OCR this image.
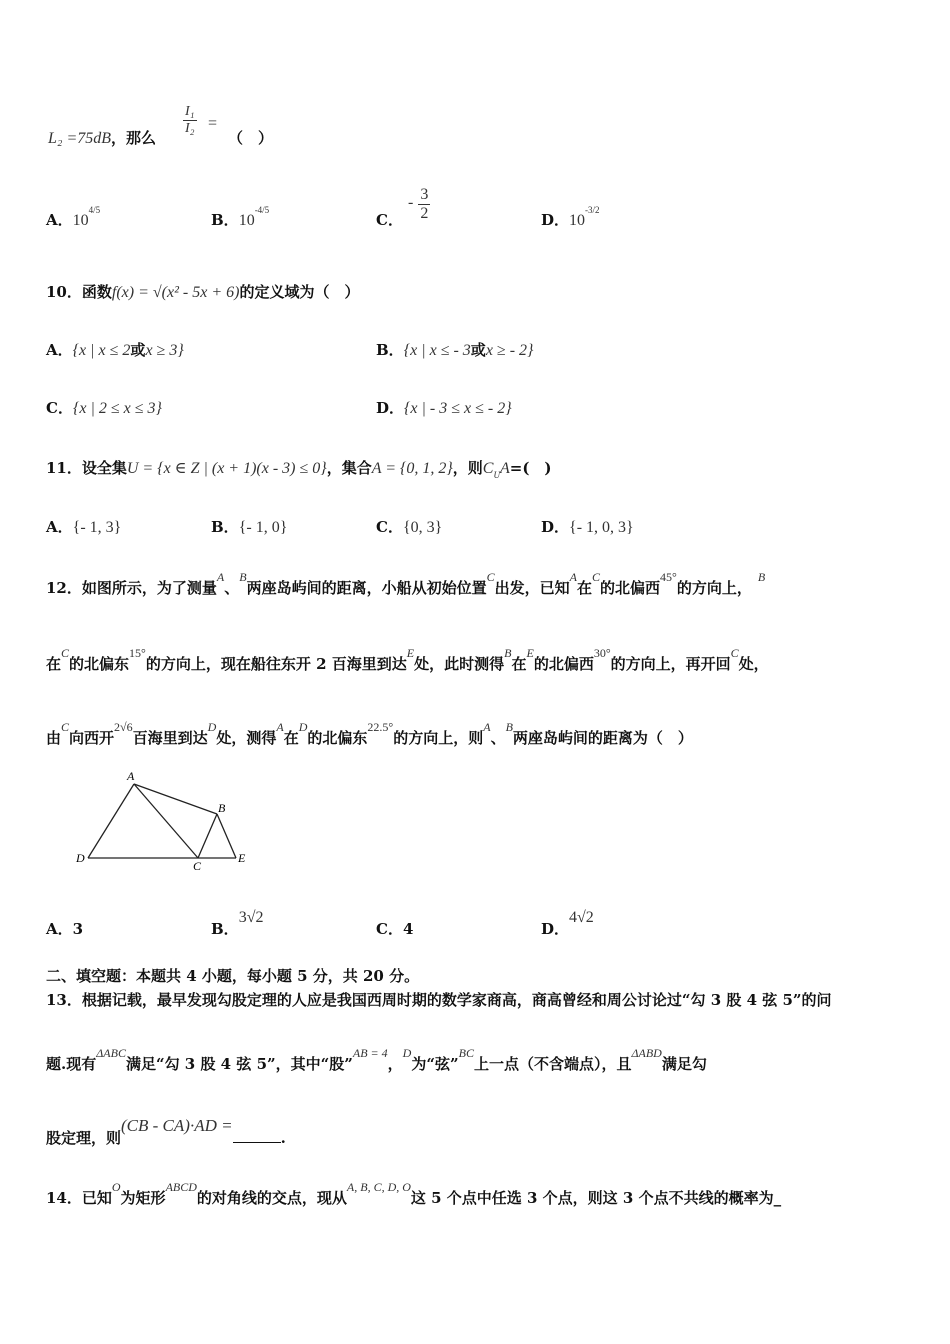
L₂ =75dB，那么
$\frac{\text{I₁}}{\text{I₂}}$ =
（　）
A．$10^{4/5}$
B．$10^{-4/5}$
C．
- $\frac{3}{2}$	D．$10^{-3/2}$
10．函数f(x) = √(x² - 5x + 6)的定义域为（　）
A．{x | x ≤ 2或x ≥ 3}	B．{x | x ≤ - 3或x ≥ - 2}
C．{x | 2 ≤ x ≤ 3}	D．{x | - 3 ≤ x ≤ - 2}
11．设全集U = {x ∈ Z | (x + 1)(x - 3) ≤ 0}，集合A = {0, 1, 2}，则$C_UA=$(　)
A．{- 1, 3}	B．{- 1, 0}	C．{0, 3}	D．{- 1, 0, 3}
12．如图所示，为了测量$^A$、$^B$两座岛屿间的距离，小船从初始位置$^C$出发，已知$^A$在$^C$的北偏西$^{45^\circ}$的方向上，$^B$
在$^C$的北偏东$^{15^\circ}$的方向上，现在船往东开 2 百海里到达$^E$处，此时测得$^B$在$^E$的北偏西$^{30^\circ}$的方向上，再开回$^C$处，
由$^C$向西开$^{2√6}$百海里到达$^D$处，测得$^A$在$^D$的北偏东$^{22.5^\circ}$的方向上，则$^A$、$^B$两座岛屿间的距离为（　）
A
B
C
D	E
A．3	B．3√2
C．4	D．4√2
二、填空题：本题共 4 小题，每小题 5 分，共 20 分。
13．根据记载，最早发现勾股定理的人应是我国西周时期的数学家商高，商高曾经和周公讨论过“勾 3 股 4 弦 5”的问
题.现有$^{\Delta ABC}$满足“勾 3 股 4 弦 5”，其中“股”$^{AB = 4}$，$^D$为“弦”$^{BC}$上一点（不含端点），且$^{\Delta ABD}$满足勾
股定理，则(CB - CA)·AD =.
14．已知$^O$为矩形$^{ABCD}$的对角线的交点，现从$^{A, B, C, D, O}$这 5 个点中任选 3 个点，则这 3 个点不共线的概率为_
